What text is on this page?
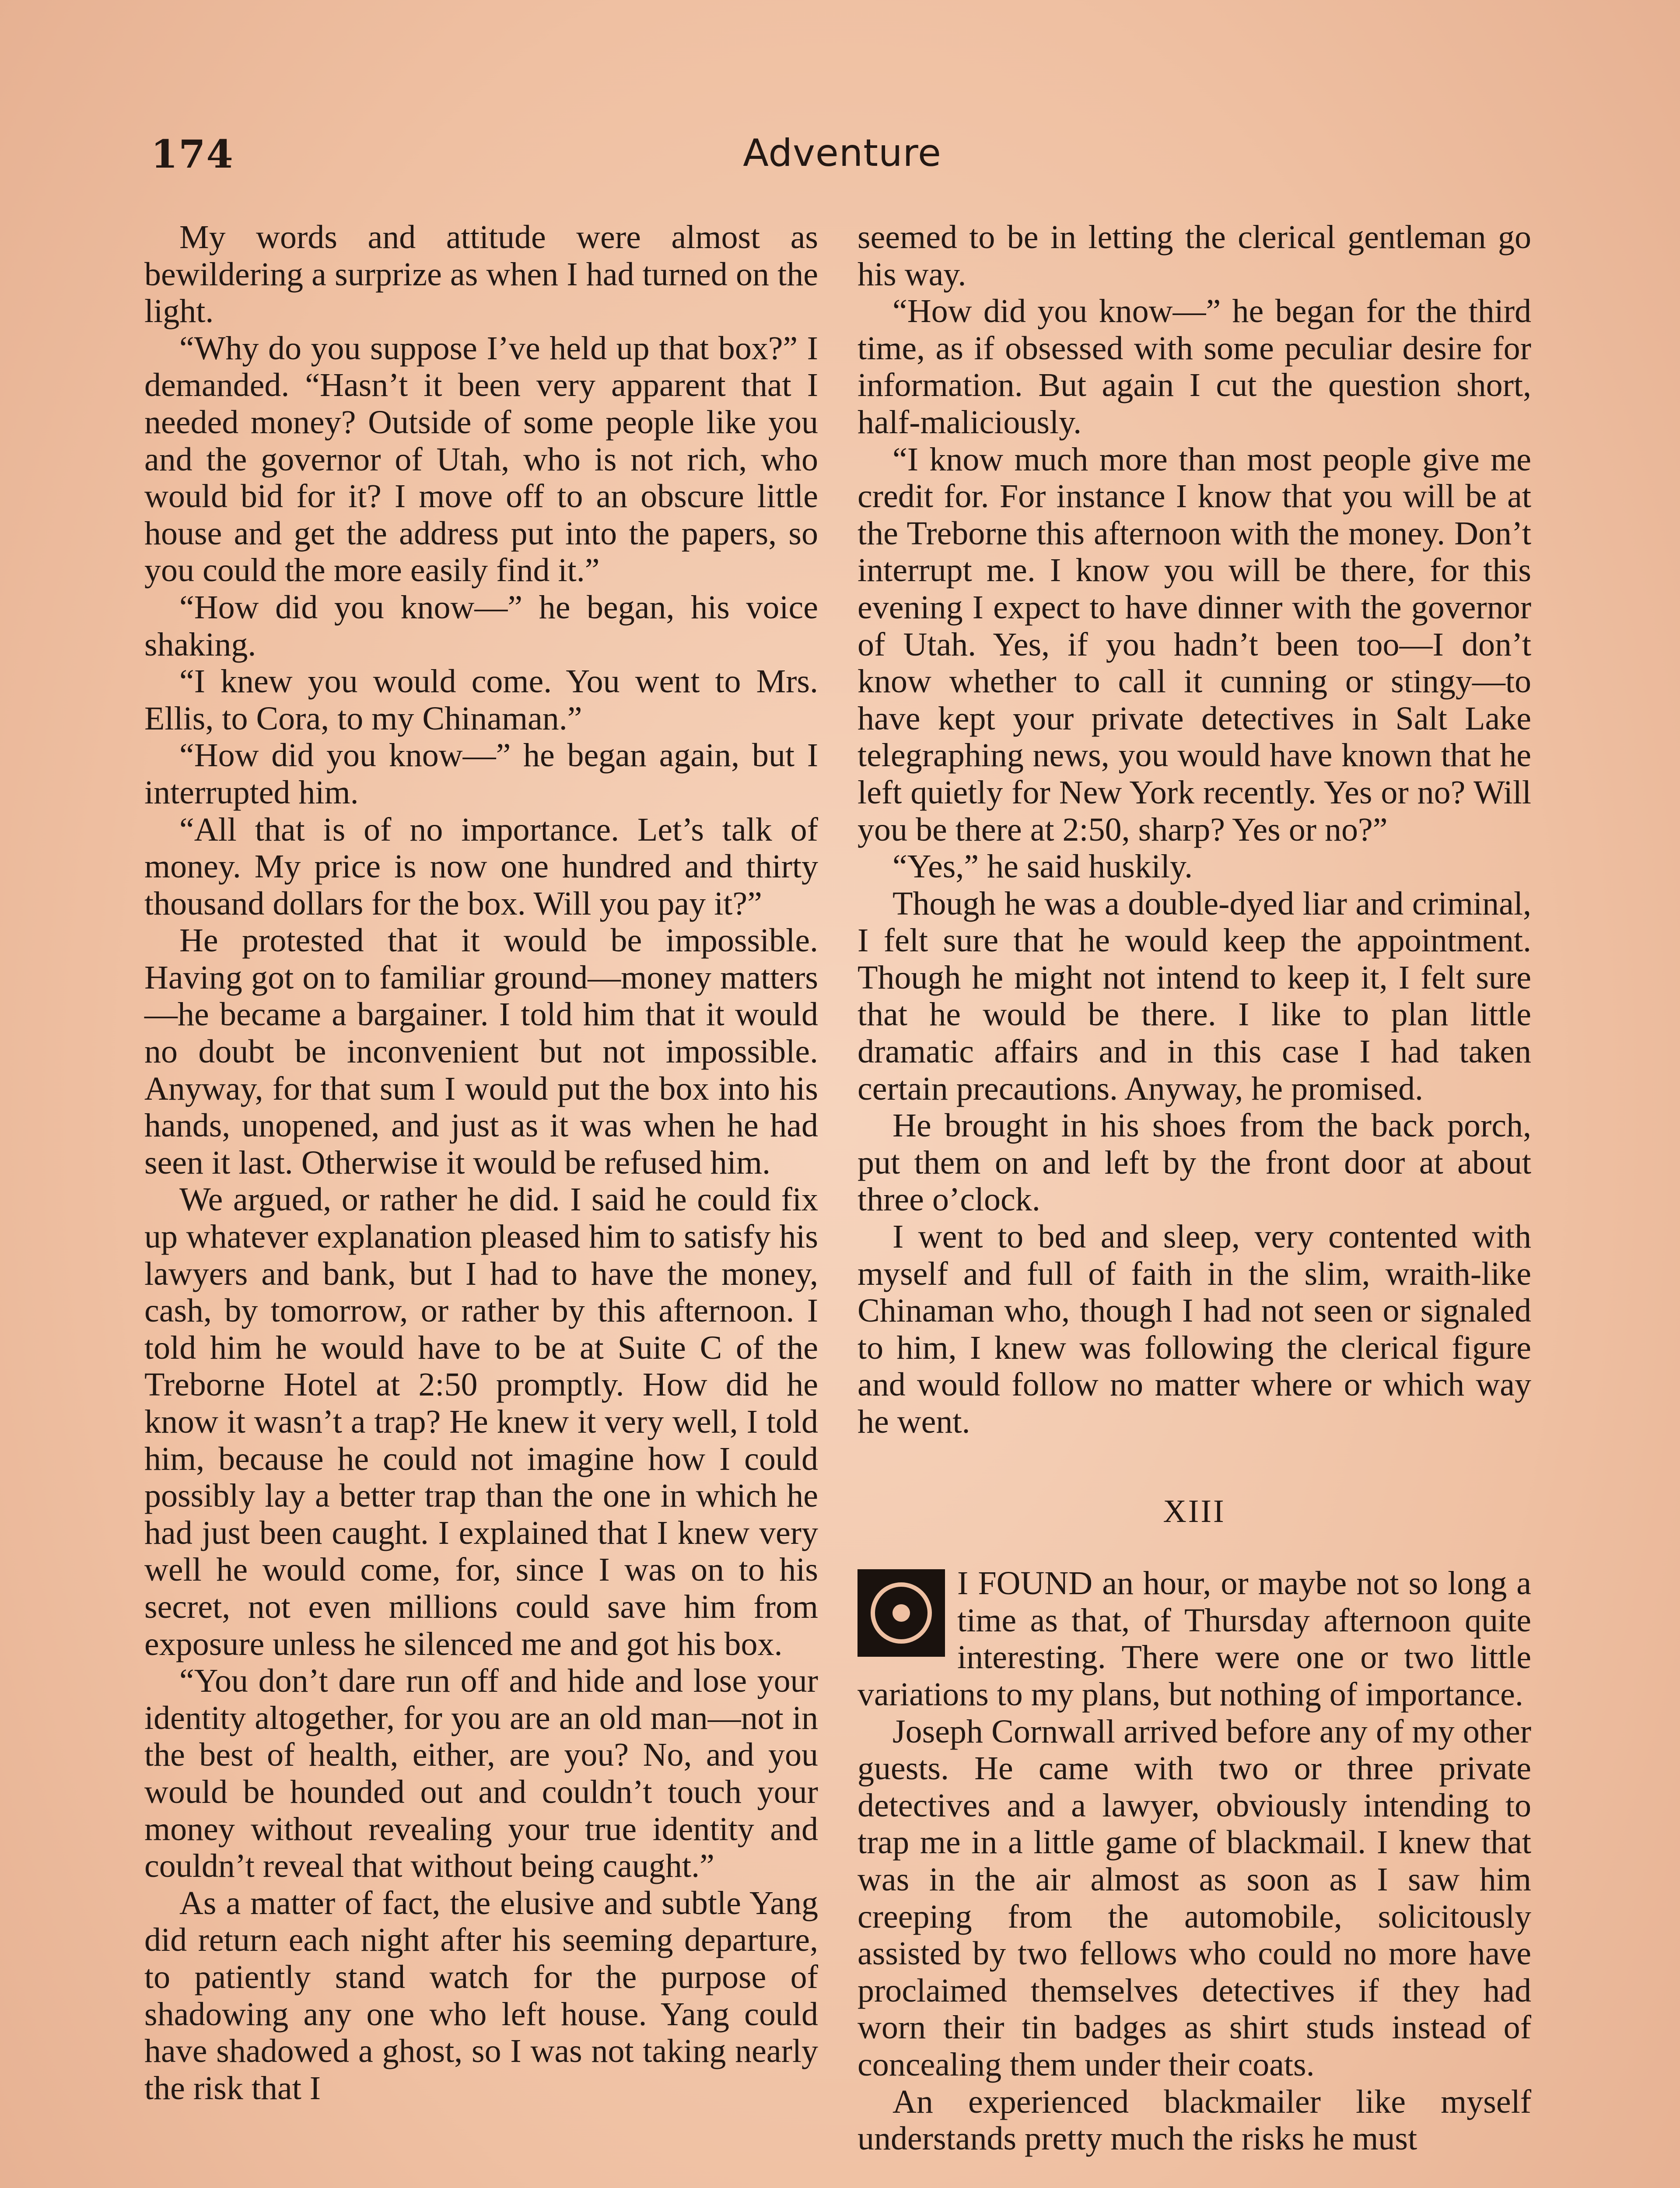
174	Adventure

My words and attitude were almost as bewildering a surprize as when I had turned on the light.

“Why do you suppose I’ve held up that box?” I demanded. “Hasn’t it been very apparent that I needed money? Outside of some people like you and the governor of Utah, who is not rich, who would bid for it? I move off to an obscure little house and get the address put into the papers, so you could the more easily find it.”

“How did you know—” he began, his voice shaking.

“I knew you would come. You went to Mrs. Ellis, to Cora, to my Chinaman.”

“How did you know—” he began again, but I interrupted him.

“All that is of no importance. Let’s talk of money. My price is now one hundred and thirty thousand dollars for the box. Will you pay it?”

He protested that it would be impossible. Having got on to familiar ground—money matters—he became a bargainer. I told him that it would no doubt be inconvenient but not impossible. Anyway, for that sum I would put the box into his hands, unopened, and just as it was when he had seen it last. Otherwise it would be refused him.

We argued, or rather he did. I said he could fix up whatever explanation pleased him to satisfy his lawyers and bank, but I had to have the money, cash, by tomorrow, or rather by this afternoon. I told him he would have to be at Suite C of the Treborne Hotel at 2:50 promptly. How did he know it wasn’t a trap? He knew it very well, I told him, because he could not imagine how I could possibly lay a better trap than the one in which he had just been caught. I explained that I knew very well he would come, for, since I was on to his secret, not even millions could save him from exposure unless he silenced me and got his box.

“You don’t dare run off and hide and lose your identity altogether, for you are an old man—not in the best of health, either, are you? No, and you would be hounded out and couldn’t touch your money without revealing your true identity and couldn’t reveal that without being caught.”

As a matter of fact, the elusive and subtle Yang did return each night after his seeming departure, to patiently stand watch for the purpose of shadowing any one who left house. Yang could have shadowed a ghost, so I was not taking nearly the risk that I

seemed to be in letting the clerical gentleman go his way.

“How did you know—” he began for the third time, as if obsessed with some peculiar desire for information. But again I cut the question short, half-maliciously.

“I know much more than most people give me credit for. For instance I know that you will be at the Treborne this afternoon with the money. Don’t interrupt me. I know you will be there, for this evening I expect to have dinner with the governor of Utah. Yes, if you hadn’t been too—I don’t know whether to call it cunning or stingy—to have kept your private detectives in Salt Lake telegraphing news, you would have known that he left quietly for New York recently. Yes or no? Will you be there at 2:50, sharp? Yes or no?”

“Yes,” he said huskily.

Though he was a double-dyed liar and criminal, I felt sure that he would keep the appointment. Though he might not intend to keep it, I felt sure that he would be there. I like to plan little dramatic affairs and in this case I had taken certain precautions. Anyway, he promised.

He brought in his shoes from the back porch, put them on and left by the front door at about three o’clock.

I went to bed and sleep, very contented with myself and full of faith in the slim, wraith-like Chinaman who, though I had not seen or signaled to him, I knew was following the clerical figure and would follow no matter where or which way he went.

XIII

I FOUND an hour, or maybe not so long a time as that, of Thursday afternoon quite interesting. There were one or two little variations to my plans, but nothing of importance.

Joseph Cornwall arrived before any of my other guests. He came with two or three private detectives and a lawyer, obviously intending to trap me in a little game of blackmail. I knew that was in the air almost as soon as I saw him creeping from the automobile, solicitously assisted by two fellows who could no more have proclaimed themselves detectives if they had worn their tin badges as shirt studs instead of concealing them under their coats.

An experienced blackmailer like myself understands pretty much the risks he must
